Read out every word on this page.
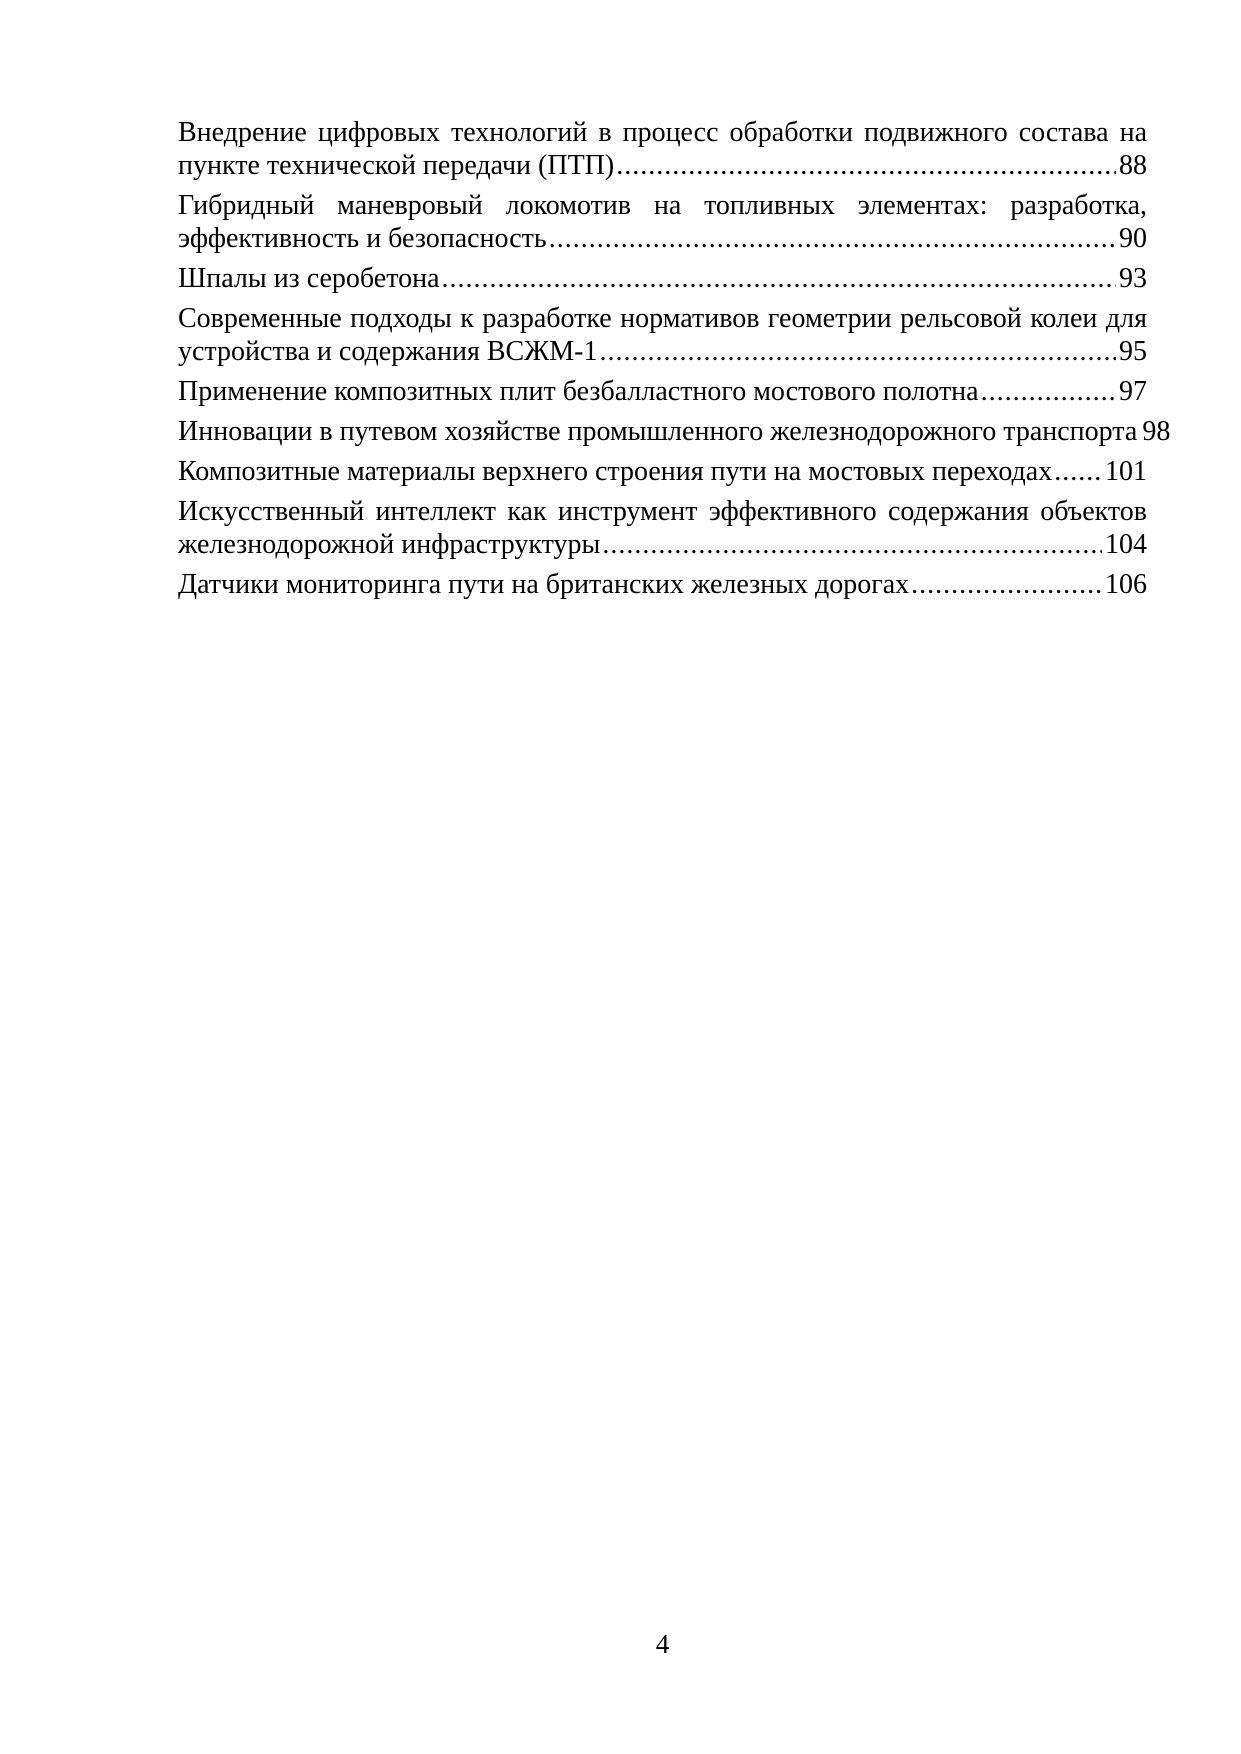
Внедрение цифровых технологий в процесс обработки подвижного состава на
пункте технической передачи (ПТП) .....	88
Гибридный маневровый локомотив на топливных элементах: разработка,
эффективность и безопасность .....	90
Шпалы из серобетона .....	93
Современные подходы к разработке нормативов геометрии рельсовой колеи для
устройства и содержания ВСЖМ-1 .....	95
Применение композитных плит безбалластного мостового полотна .....	97
Инновации в путевом хозяйстве промышленного железнодорожного транспорта ..... 98
Композитные материалы верхнего строения пути на мостовых переходах ..... 101
Искусственный интеллект как инструмент эффективного содержания объектов
железнодорожной инфраструктуры .....	104
Датчики мониторинга пути на британских железных дорогах .....	106
4
